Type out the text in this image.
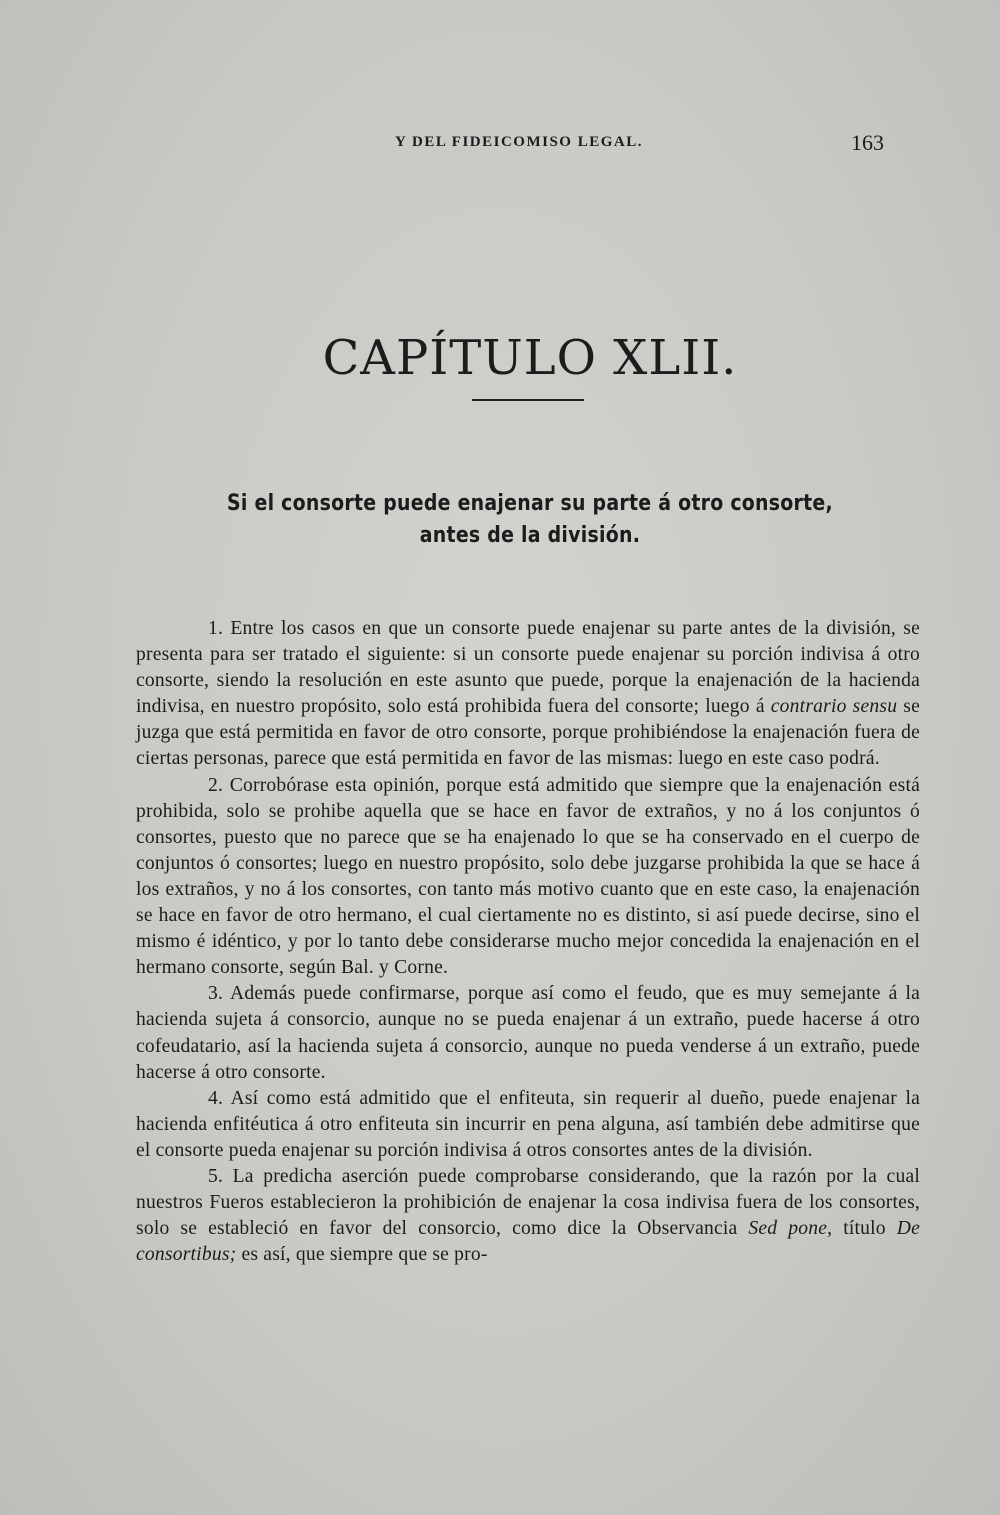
Y DEL FIDEICOMISO LEGAL.	163
CAPÍTULO XLII.
Si el consorte puede enajenar su parte á otro consorte, antes de la división.

1. Entre los casos en que un consorte puede enajenar su parte antes de la división, se presenta para ser tratado el siguiente: si un consorte puede enajenar su porción indivisa á otro consorte, siendo la resolución en este asunto que puede, porque la enajenación de la hacienda indivisa, en nuestro propósito, solo está prohibida fuera del consorte; luego á contrario sensu se juzga que está permitida en favor de otro consorte, porque prohibiéndose la enajenación fuera de ciertas personas, parece que está permitida en favor de las mismas: luego en este caso podrá.

2. Corrobórase esta opinión, porque está admitido que siempre que la enajenación está prohibida, solo se prohibe aquella que se hace en favor de extraños, y no á los conjuntos ó consortes, puesto que no parece que se ha enajenado lo que se ha conservado en el cuerpo de conjuntos ó consortes; luego en nuestro propósito, solo debe juzgarse prohibida la que se hace á los extraños, y no á los consortes, con tanto más motivo cuanto que en este caso, la enajenación se hace en favor de otro hermano, el cual ciertamente no es distinto, si así puede decirse, sino el mismo é idéntico, y por lo tanto debe considerarse mucho mejor concedida la enajenación en el hermano consorte, según Bal. y Corne.

3. Además puede confirmarse, porque así como el feudo, que es muy semejante á la hacienda sujeta á consorcio, aunque no se pueda enajenar á un extraño, puede hacerse á otro cofeudatario, así la hacienda sujeta á consorcio, aunque no pueda venderse á un extraño, puede hacerse á otro consorte.

4. Así como está admitido que el enfiteuta, sin requerir al dueño, puede enajenar la hacienda enfitéutica á otro enfiteuta sin incurrir en pena alguna, así también debe admitirse que el consorte pueda enajenar su porción indivisa á otros consortes antes de la división.

5. La predicha aserción puede comprobarse considerando, que la razón por la cual nuestros Fueros establecieron la prohibición de enajenar la cosa indivisa fuera de los consortes, solo se estableció en favor del consorcio, como dice la Observancia Sed pone, título De consortibus; es así, que siempre que se pro-
